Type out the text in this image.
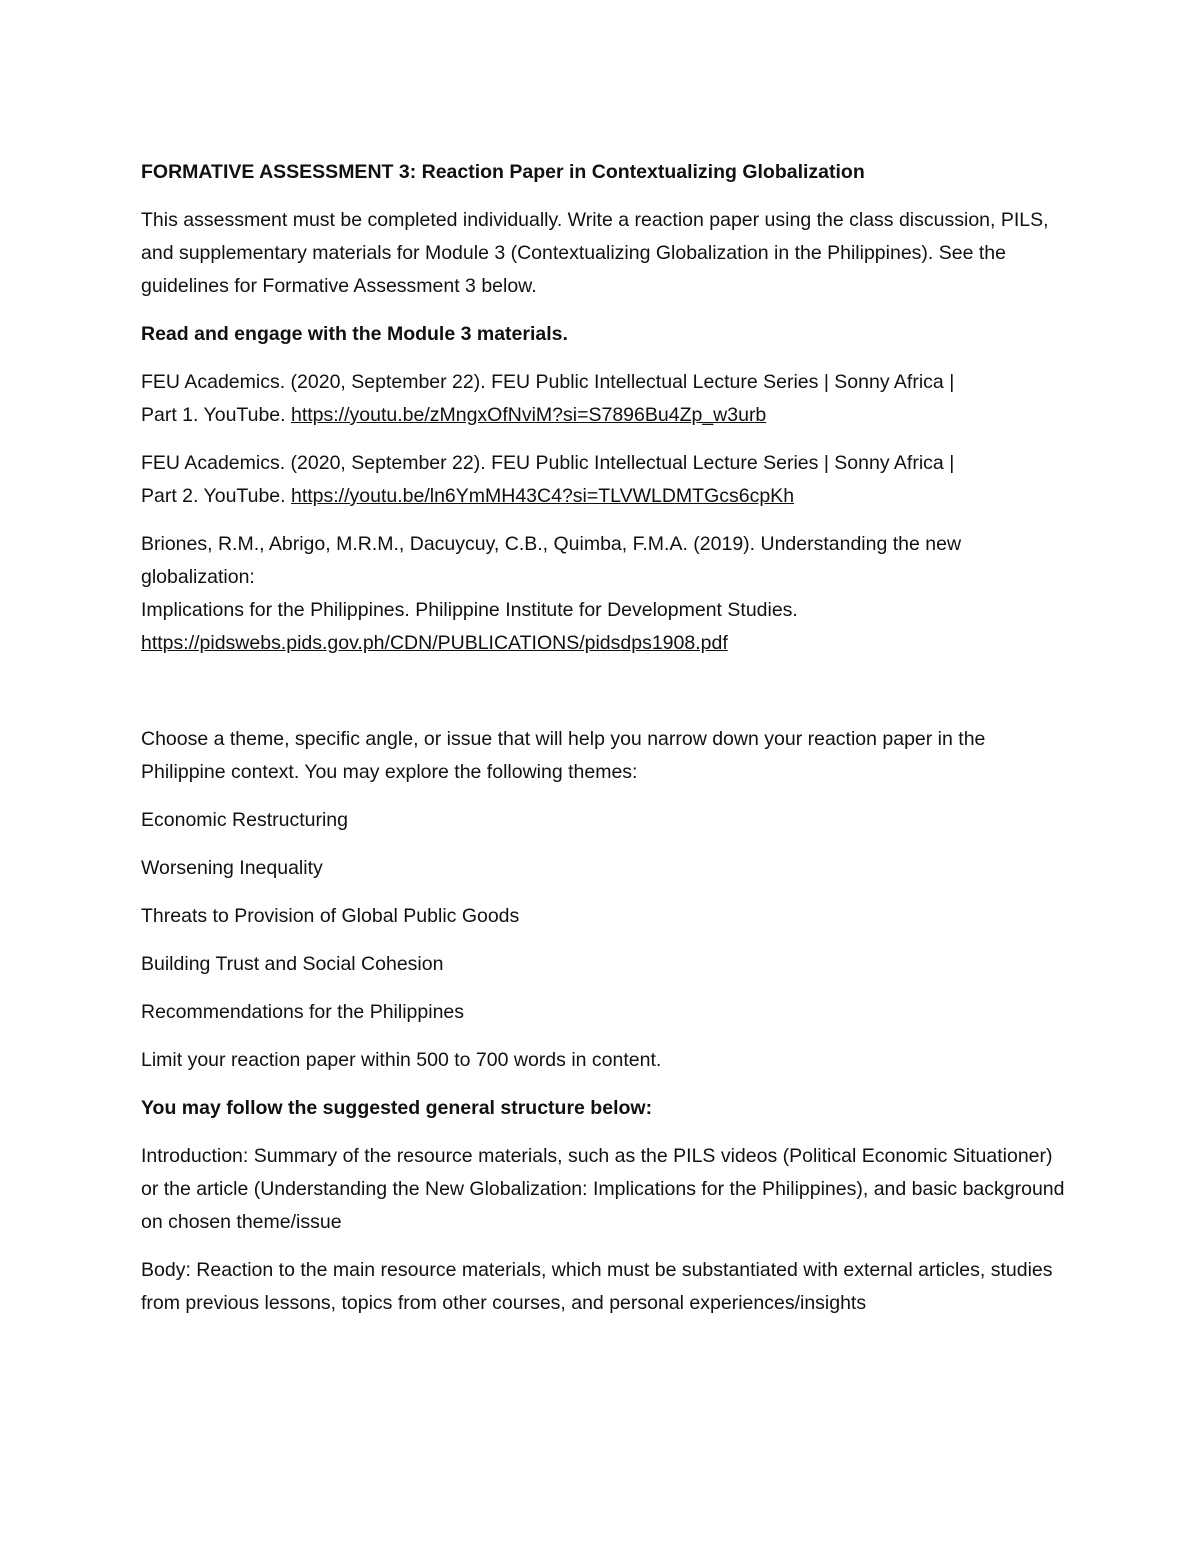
FORMATIVE ASSESSMENT 3: Reaction Paper in Contextualizing Globalization

This assessment must be completed individually. Write a reaction paper using the class discussion, PILS, and supplementary materials for Module 3 (Contextualizing Globalization in the Philippines). See the guidelines for Formative Assessment 3 below.

Read and engage with the Module 3 materials.

FEU Academics. (2020, September 22). FEU Public Intellectual Lecture Series | Sonny Africa |
Part 1. YouTube. https://youtu.be/zMngxOfNviM?si=S7896Bu4Zp_w3urb

FEU Academics. (2020, September 22). FEU Public Intellectual Lecture Series | Sonny Africa |
Part 2. YouTube. https://youtu.be/ln6YmMH43C4?si=TLVWLDMTGcs6cpKh

Briones, R.M., Abrigo, M.R.M., Dacuycuy, C.B., Quimba, F.M.A. (2019). Understanding the new
globalization:
Implications for the Philippines. Philippine Institute for Development Studies.
https://pidswebs.pids.gov.ph/CDN/PUBLICATIONS/pidsdps1908.pdf

Choose a theme, specific angle, or issue that will help you narrow down your reaction paper in the Philippine context. You may explore the following themes:

Economic Restructuring

Worsening Inequality

Threats to Provision of Global Public Goods

Building Trust and Social Cohesion

Recommendations for the Philippines

Limit your reaction paper within 500 to 700 words in content.

You may follow the suggested general structure below:

Introduction: Summary of the resource materials, such as the PILS videos (Political Economic Situationer) or the article (Understanding the New Globalization: Implications for the Philippines), and basic background on chosen theme/issue

Body: Reaction to the main resource materials, which must be substantiated with external articles, studies from previous lessons, topics from other courses, and personal experiences/insights
